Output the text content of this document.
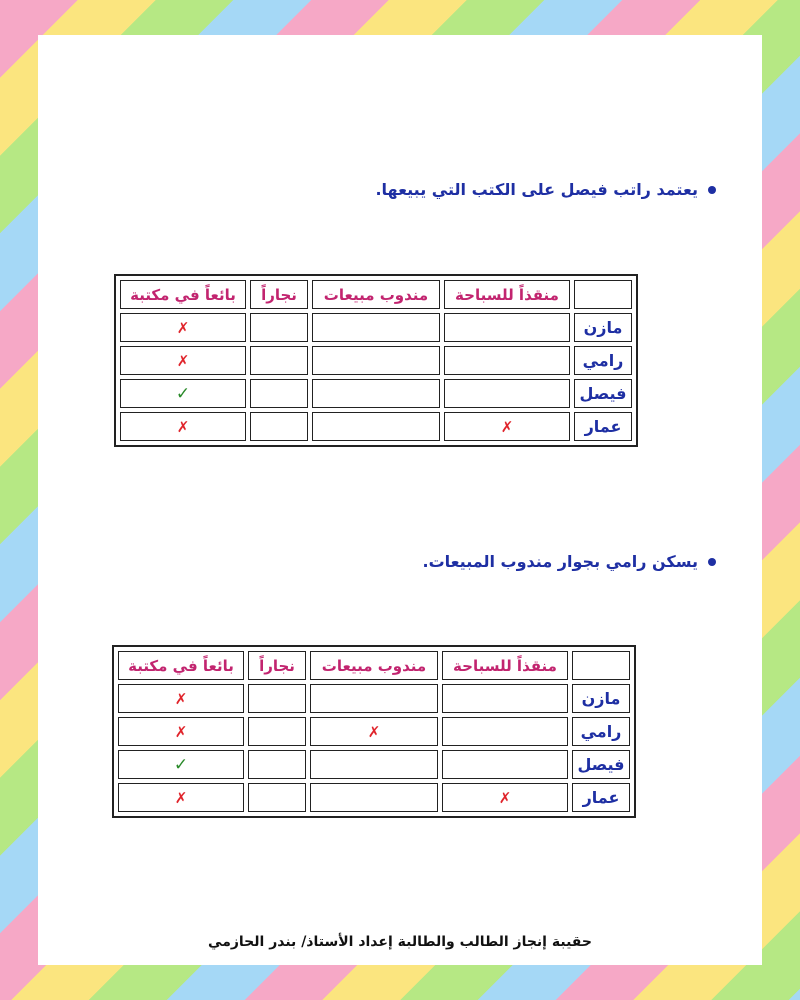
يعتمد راتب فيصل على الكتب التي يبيعها.
	منقذاً للسباحة	مندوب مبيعات	نجاراً	بائعاً في مكتبة
مازن				✗
رامي				✗
فيصل				✓
عمار	✗			✗
يسكن رامي بجوار مندوب المبيعات.
	منقذاً للسباحة	مندوب مبيعات	نجاراً	بائعاً في مكتبة
مازن				✗
رامي		✗		✗
فيصل				✓
عمار	✗			✗
حقيبة إنجاز الطالب والطالبة إعداد الأستاذ/ بندر الحازمي
